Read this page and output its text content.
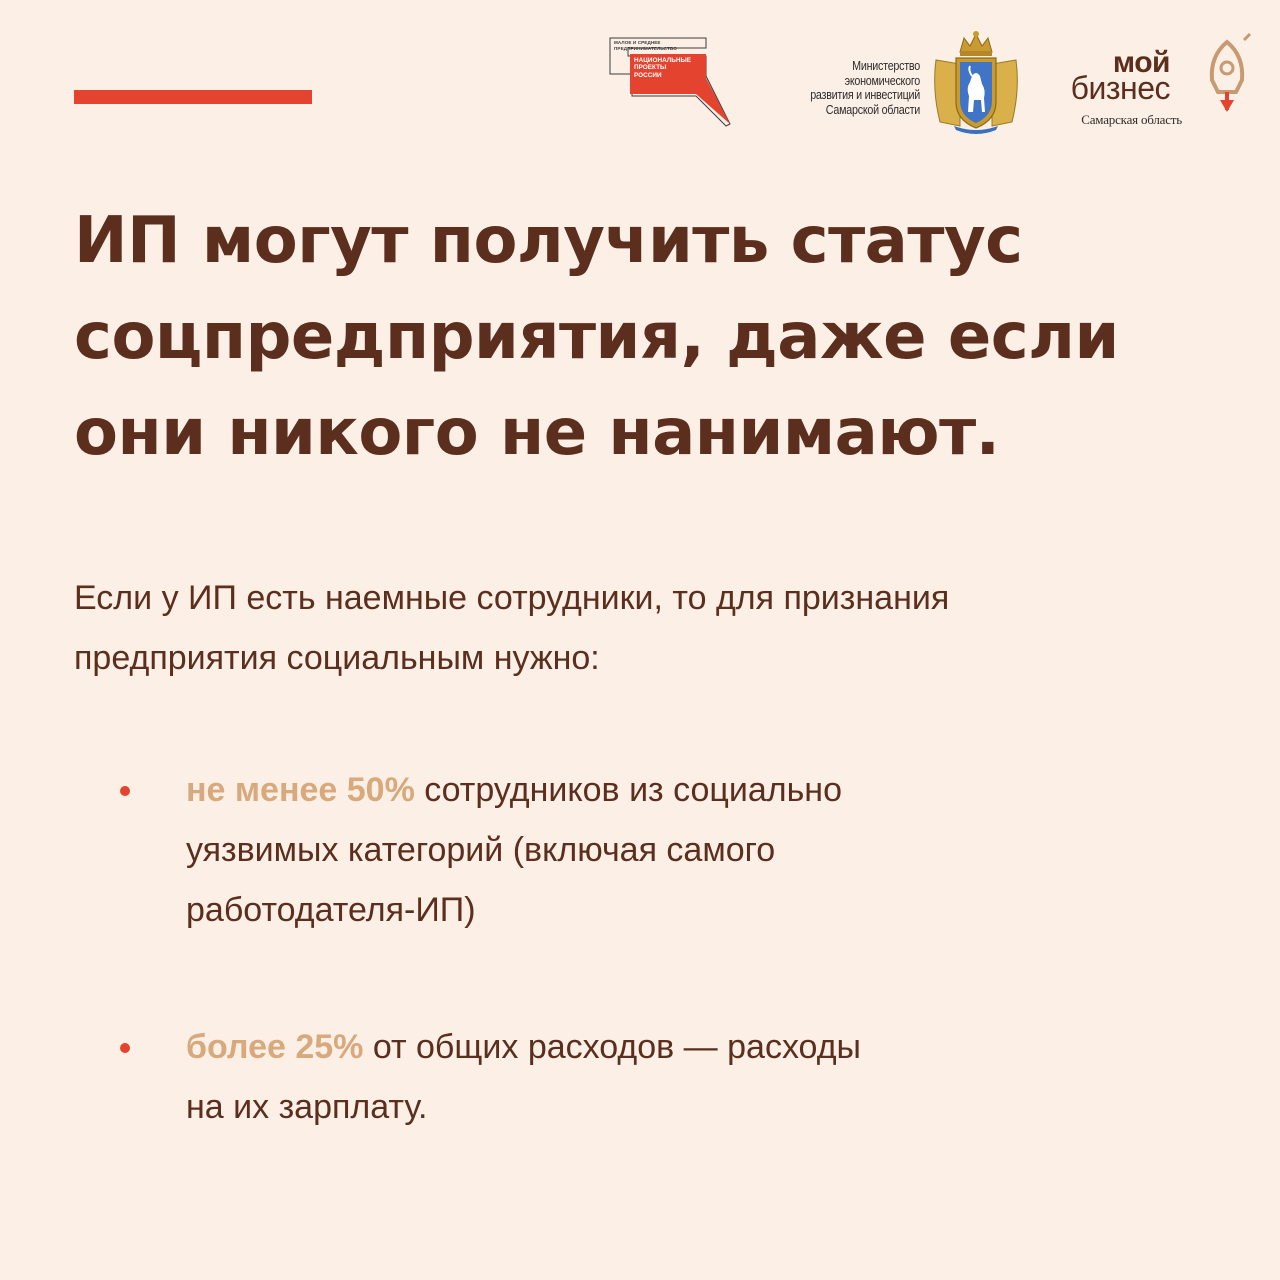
МАЛОЕ И СРЕДНЕЕ ПРЕДПРИНИМАТЕЛЬСТВО
НАЦИОНАЛЬНЫЕ ПРОЕКТЫ РОССИИ
Министерство
экономического
развития и инвестиций
Самарской области
мой
бизнес
Самарская область
ИП могут получить статус
соцпредприятия, даже если
они никого не нанимают.
Если у ИП есть наемные сотрудники, то для признания
предприятия социальным нужно:
не менее 50% сотрудников из социально
уязвимых категорий (включая самого
работодателя-ИП)
более 25% от общих расходов — расходы
на их зарплату.
